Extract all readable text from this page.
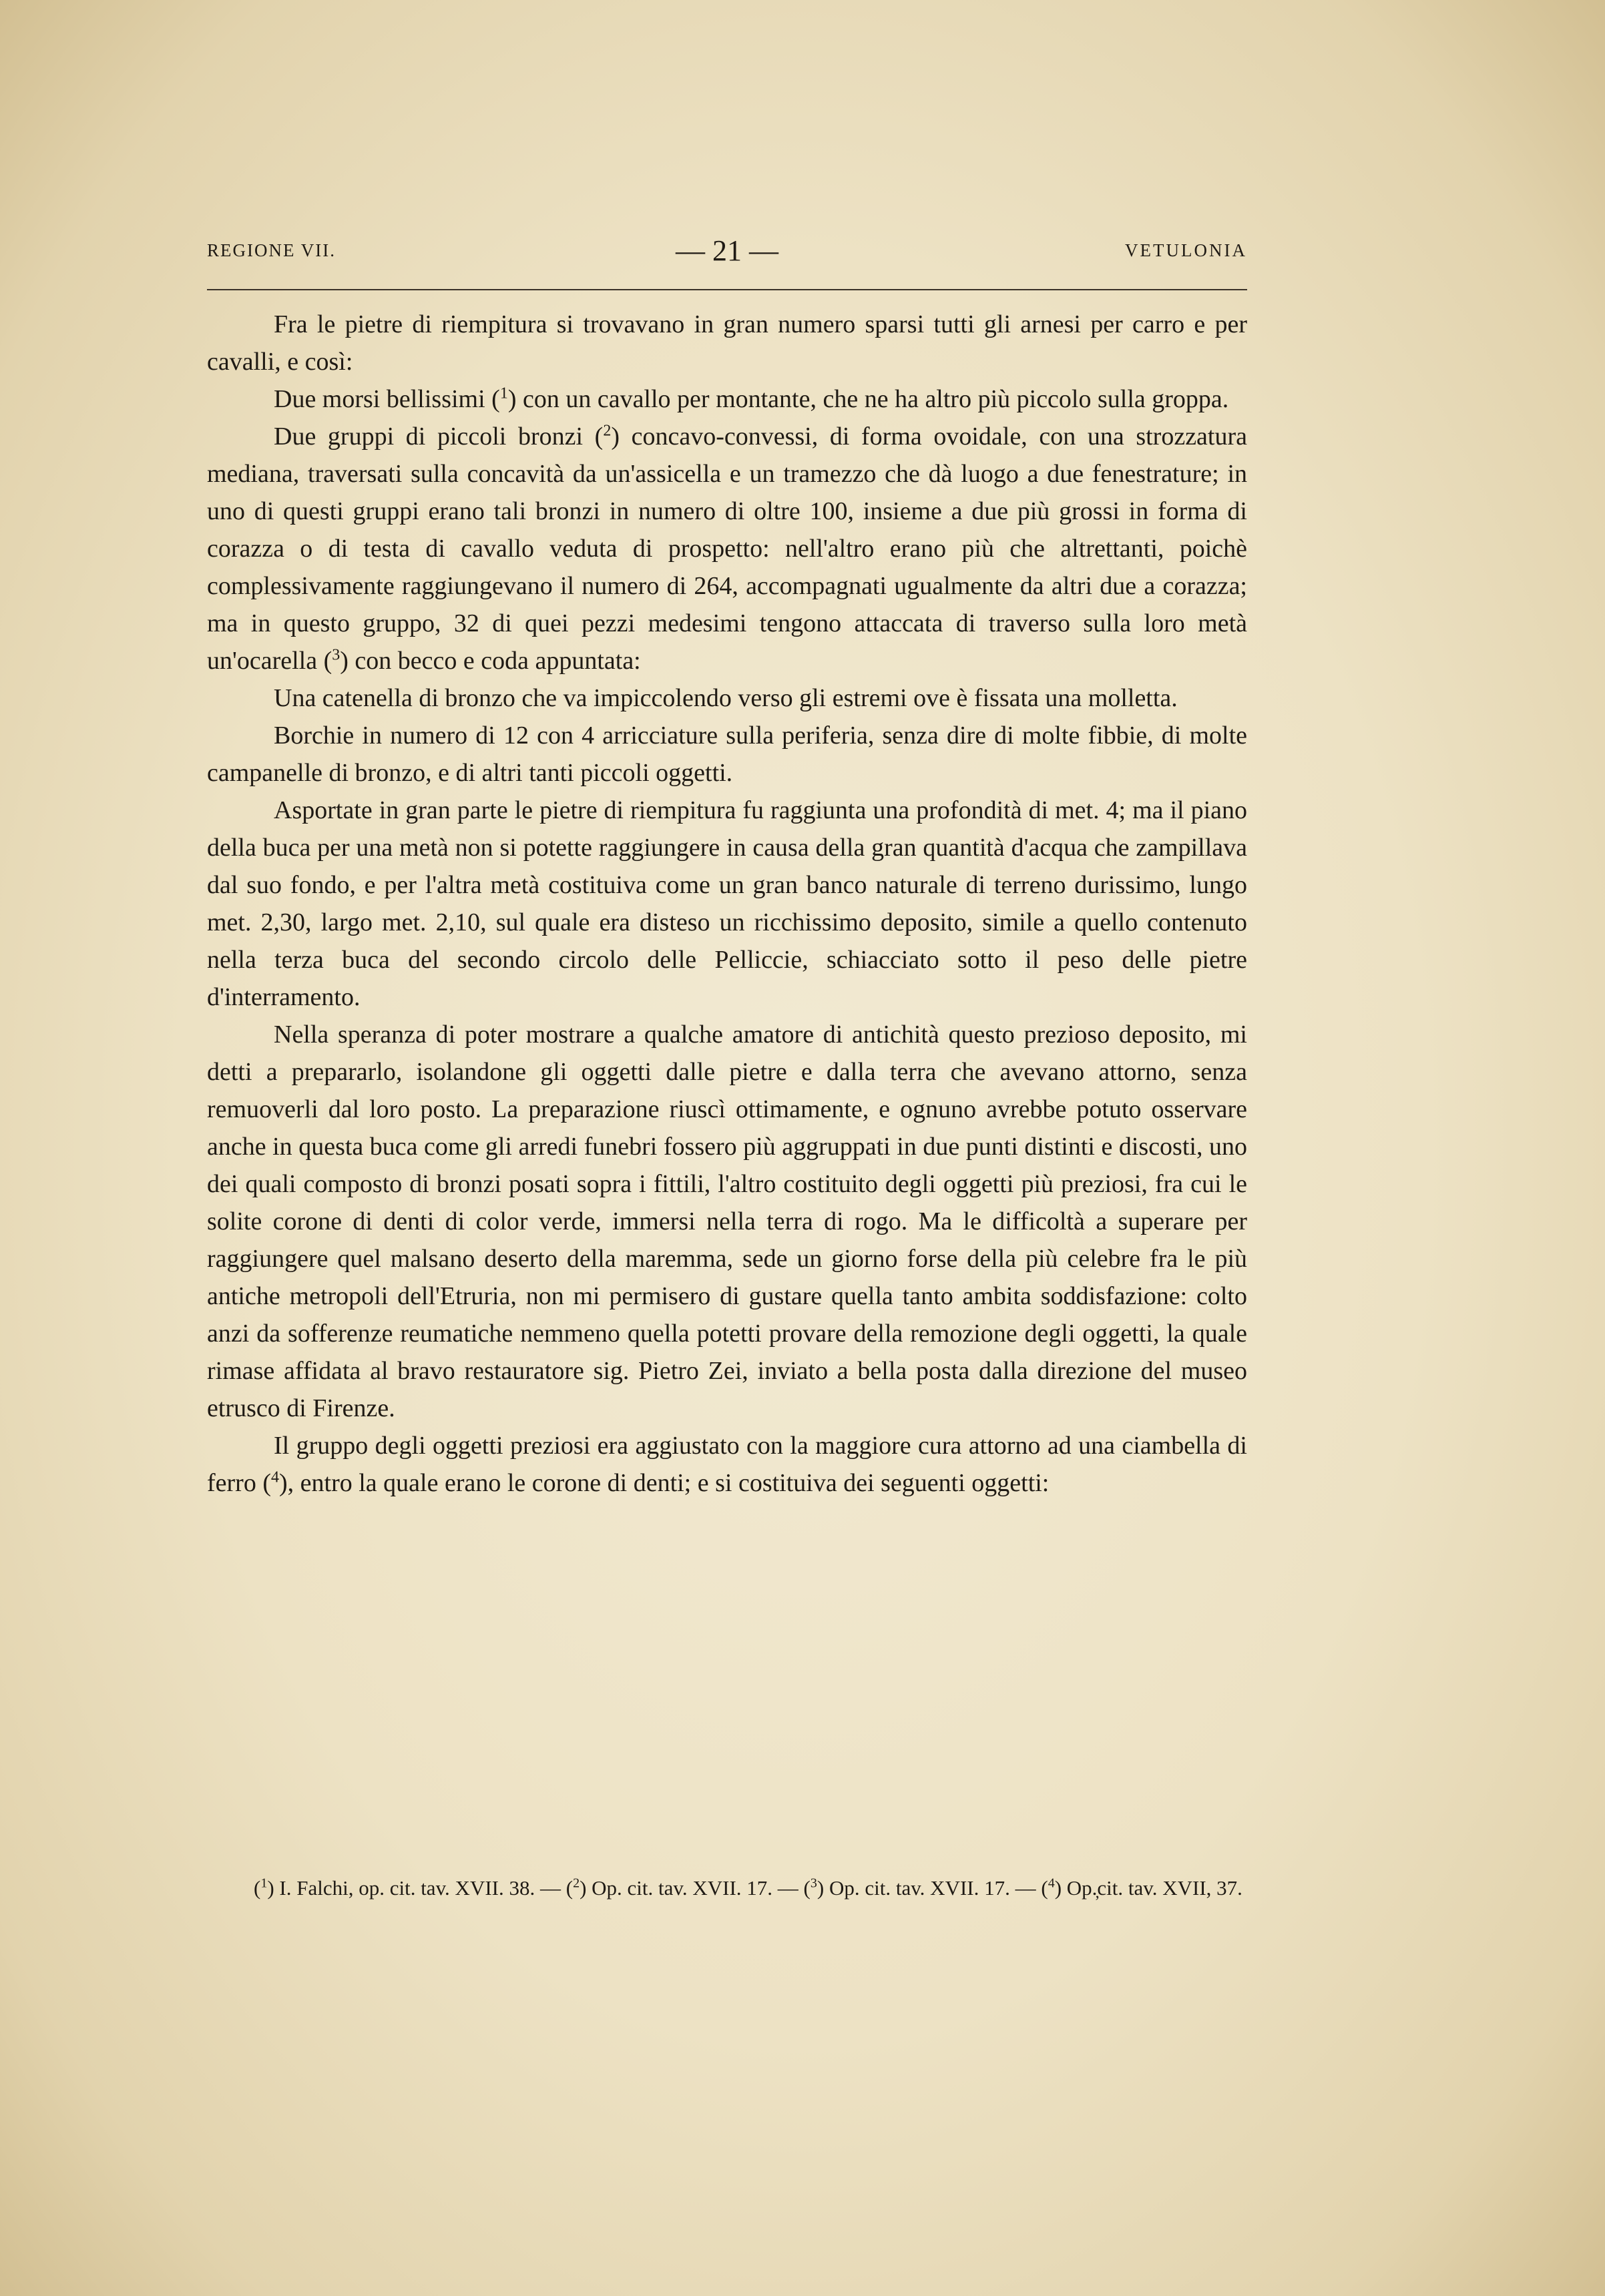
REGIONE VII.	— 21 —	VETULONIA

Fra le pietre di riempitura si trovavano in gran numero sparsi tutti gli arnesi per carro e per cavalli, e così:

Due morsi bellissimi ($^1$) con un cavallo per montante, che ne ha altro più piccolo sulla groppa.

Due gruppi di piccoli bronzi ($^2$) concavo-convessi, di forma ovoidale, con una strozzatura mediana, traversati sulla concavità da un'assicella e un tramezzo che dà luogo a due fenestrature; in uno di questi gruppi erano tali bronzi in numero di oltre 100, insieme a due più grossi in forma di corazza o di testa di cavallo veduta di prospetto: nell'altro erano più che altrettanti, poichè complessivamente raggiungevano il numero di 264, accompagnati ugualmente da altri due a corazza; ma in questo gruppo, 32 di quei pezzi medesimi tengono attaccata di traverso sulla loro metà un'ocarella ($^3$) con becco e coda appuntata:

Una catenella di bronzo che va impiccolendo verso gli estremi ove è fissata una molletta.

Borchie in numero di 12 con 4 arricciature sulla periferia, senza dire di molte fibbie, di molte campanelle di bronzo, e di altri tanti piccoli oggetti.

Asportate in gran parte le pietre di riempitura fu raggiunta una profondità di met. 4; ma il piano della buca per una metà non si potette raggiungere in causa della gran quantità d'acqua che zampillava dal suo fondo, e per l'altra metà costituiva come un gran banco naturale di terreno durissimo, lungo met. 2,30, largo met. 2,10, sul quale era disteso un ricchissimo deposito, simile a quello contenuto nella terza buca del secondo circolo delle Pelliccie, schiacciato sotto il peso delle pietre d'interramento.

Nella speranza di poter mostrare a qualche amatore di antichità questo prezioso deposito, mi detti a prepararlo, isolandone gli oggetti dalle pietre e dalla terra che avevano attorno, senza remuoverli dal loro posto. La preparazione riuscì ottimamente, e ognuno avrebbe potuto osservare anche in questa buca come gli arredi funebri fossero più aggruppati in due punti distinti e discosti, uno dei quali composto di bronzi posati sopra i fittili, l'altro costituito degli oggetti più preziosi, fra cui le solite corone di denti di color verde, immersi nella terra di rogo. Ma le difficoltà a superare per raggiungere quel malsano deserto della maremma, sede un giorno forse della più celebre fra le più antiche metropoli dell'Etruria, non mi permisero di gustare quella tanto ambita soddisfazione: colto anzi da sofferenze reumatiche nemmeno quella potetti provare della remozione degli oggetti, la quale rimase affidata al bravo restauratore sig. Pietro Zei, inviato a bella posta dalla direzione del museo etrusco di Firenze.

Il gruppo degli oggetti preziosi era aggiustato con la maggiore cura attorno ad una ciambella di ferro ($^4$), entro la quale erano le corone di denti; e si costituiva dei seguenti oggetti:

($^1$) I. Falchi, op. cit. tav. XVII. 38. — ($^2$) Op. cit. tav. XVII. 17. — ($^3$) Op. cit. tav. XVII. 17. — ($^4$) Op.̦cit. tav. XVII, 37.
